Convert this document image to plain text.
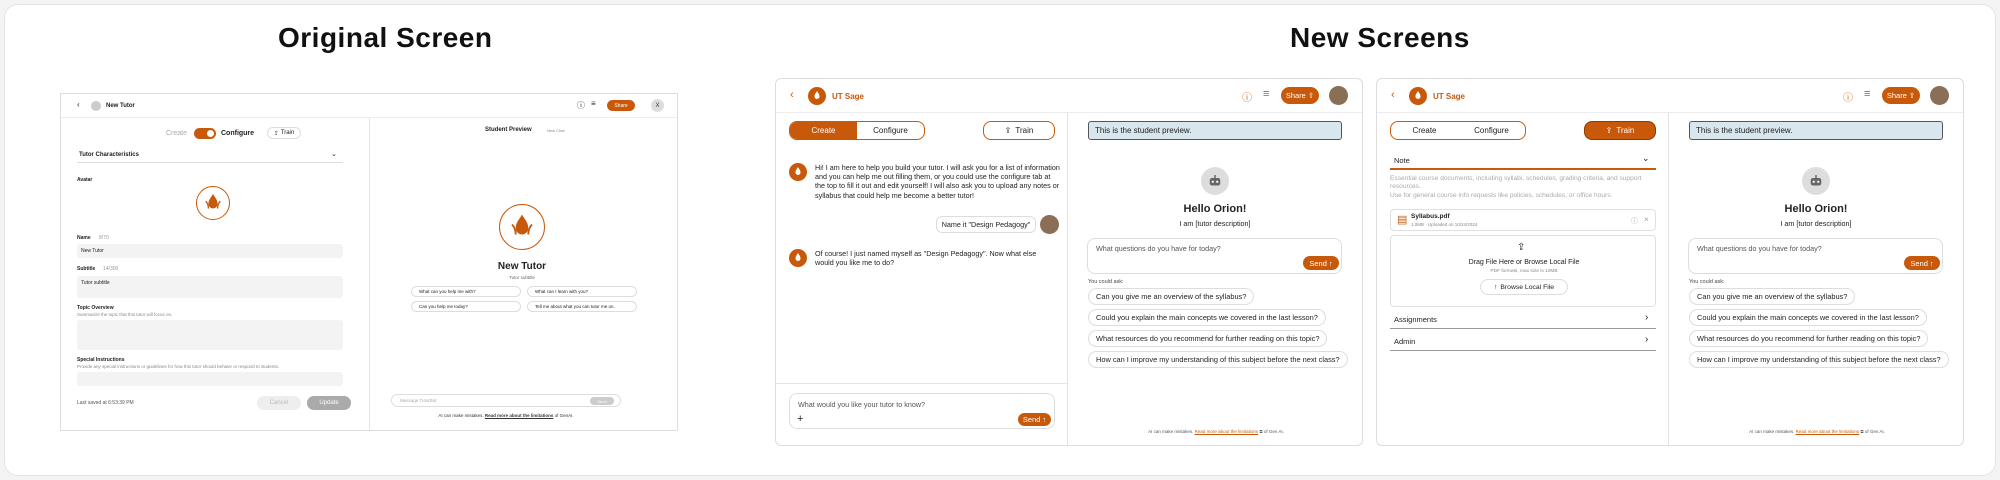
Original Screen	New Screens
‹	New Tutor	ⓘ ≡	Share	X
Create	Configure	⇪ Train
Tutor Characteristics	⌄
Avatar
Name 8/70
New Tutor
Subtitle 14/300
Tutor subtitle
Topic Overview
Summarize the topic that this tutor will focus on.
Special Instructions
Provide any special instructions or guidelines for how this tutor should behave or respond to students.
Last saved at 6:53:39 PM	Cancel	Update
Student Preview	New Chat
New Tutor
Tutor subtitle
What can you help me with?	What can I learn with you?
Can you help me today?	Tell me about what you can tutor me on.
Message TutorBot	Send
AI can make mistakes. Read more about the limitations of GenAI.
‹	UT Sage	ⓘ ≡ Share ⇧
Create	Configure	⇪ Train
Hi! I am here to help you build your tutor. I will ask you for a list of information and you can help me out filling them, or you could use the configure tab at the top to fill it out and edit yourself! I will also ask you to upload any notes or syllabus that could help me become a better tutor!
Name it "Design Pedagogy"
Of course! I just named myself as "Design Pedagogy". Now what else would you like me to do?
What would you like your tutor to know?
+	Send ↑
This is the student preview.
Hello Orion!
I am [tutor description]
What questions do you have for today?
Send ↑
You could ask:
Can you give me an overview of the syllabus?
Could you explain the main concepts we covered in the last lesson?
What resources do you recommend for further reading on this topic?
How can I improve my understanding of this subject before the next class?
AI can make mistakes. Read more about the limitations ⧉ of Gen AI.
‹	UT Sage	ⓘ ≡ Share ⇧
Create	Configure	⇪ Train
Note	⌄
Essential course documents, including syllabi, schedules, grading criteria, and support resources.
Use for general course info requests like policies, schedules, or office hours.
▤ Syllabus.pdf
1.0MB · Uploaded on 10/24/2024	ⓘ ×
⇪
Drag File Here or Browse Local File
PDF formats, max size is 10MB
↑ Browse Local File
Assignments	›
Admin	›
This is the student preview.
Hello Orion!
I am [tutor description]
What questions do you have for today?
Send ↑
You could ask:
Can you give me an overview of the syllabus?
Could you explain the main concepts we covered in the last lesson?
What resources do you recommend for further reading on this topic?
How can I improve my understanding of this subject before the next class?
AI can make mistakes. Read more about the limitations ⧉ of Gen AI.
